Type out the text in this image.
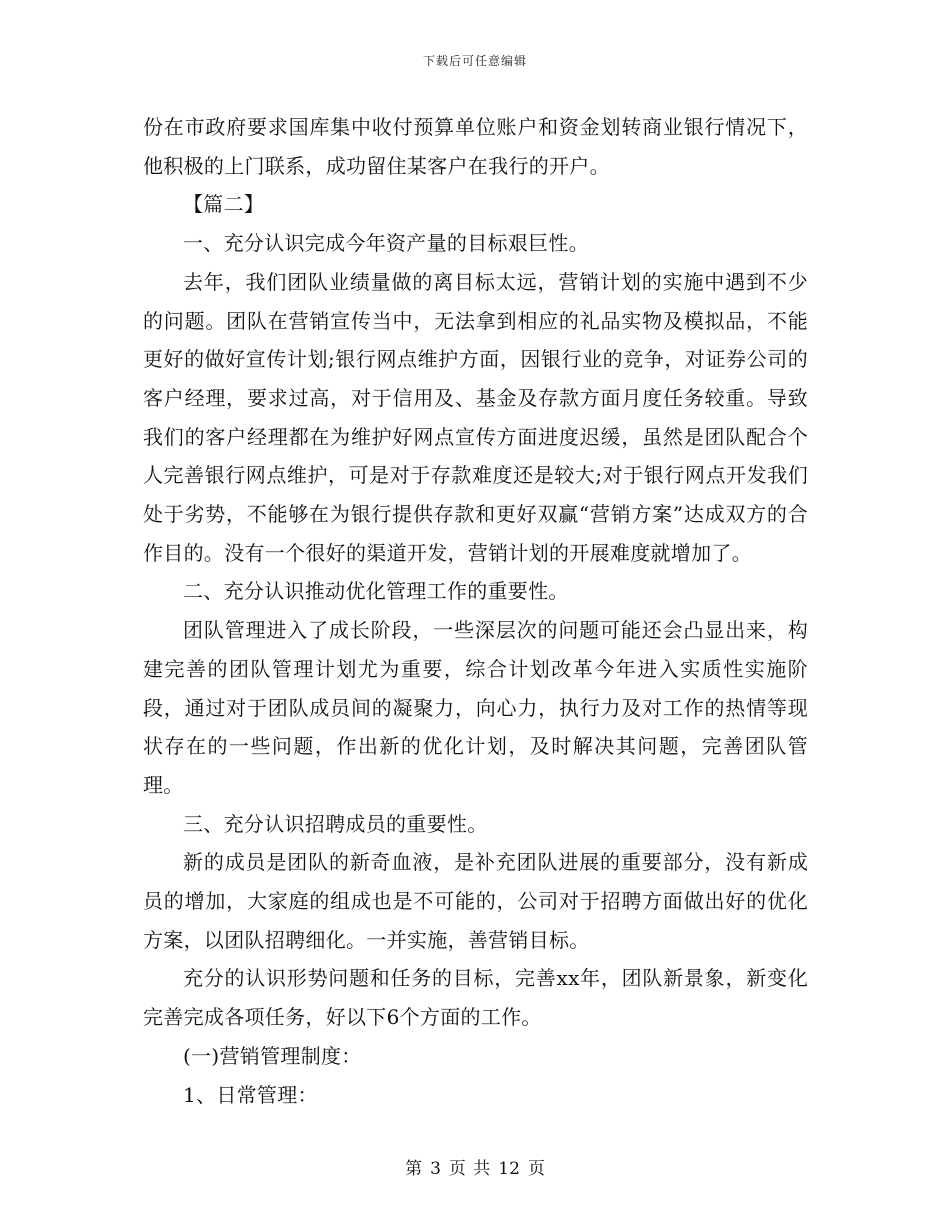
下载后可任意编辑

份在市政府要求国库集中收付预算单位账户和资金划转商业银行情况下，他积极的上门联系，成功留住某客户在我行的开户。

【篇二】

一、充分认识完成今年资产量的目标艰巨性。

去年，我们团队业绩量做的离目标太远，营销计划的实施中遇到不少的问题。团队在营销宣传当中，无法拿到相应的礼品实物及模拟品，不能更好的做好宣传计划;银行网点维护方面，因银行业的竞争，对证券公司的客户经理，要求过高，对于信用及、基金及存款方面月度任务较重。导致我们的客户经理都在为维护好网点宣传方面进度迟缓，虽然是团队配合个人完善银行网点维护，可是对于存款难度还是较大;对于银行网点开发我们处于劣势，不能够在为银行提供存款和更好双赢“营销方案”达成双方的合作目的。没有一个很好的渠道开发，营销计划的开展难度就增加了。

二、充分认识推动优化管理工作的重要性。

团队管理进入了成长阶段，一些深层次的问题可能还会凸显出来，构建完善的团队管理计划尤为重要，综合计划改革今年进入实质性实施阶段，通过对于团队成员间的凝聚力，向心力，执行力及对工作的热情等现状存在的一些问题，作出新的优化计划，及时解决其问题，完善团队管理。

三、充分认识招聘成员的重要性。

新的成员是团队的新奇血液，是补充团队进展的重要部分，没有新成员的增加，大家庭的组成也是不可能的，公司对于招聘方面做出好的优化方案，以团队招聘细化。一并实施，善营销目标。

充分的认识形势问题和任务的目标，完善xx年，团队新景象，新变化完善完成各项任务，好以下6个方面的工作。

(一)营销管理制度：

1、日常管理：

第 3 页 共 12 页
